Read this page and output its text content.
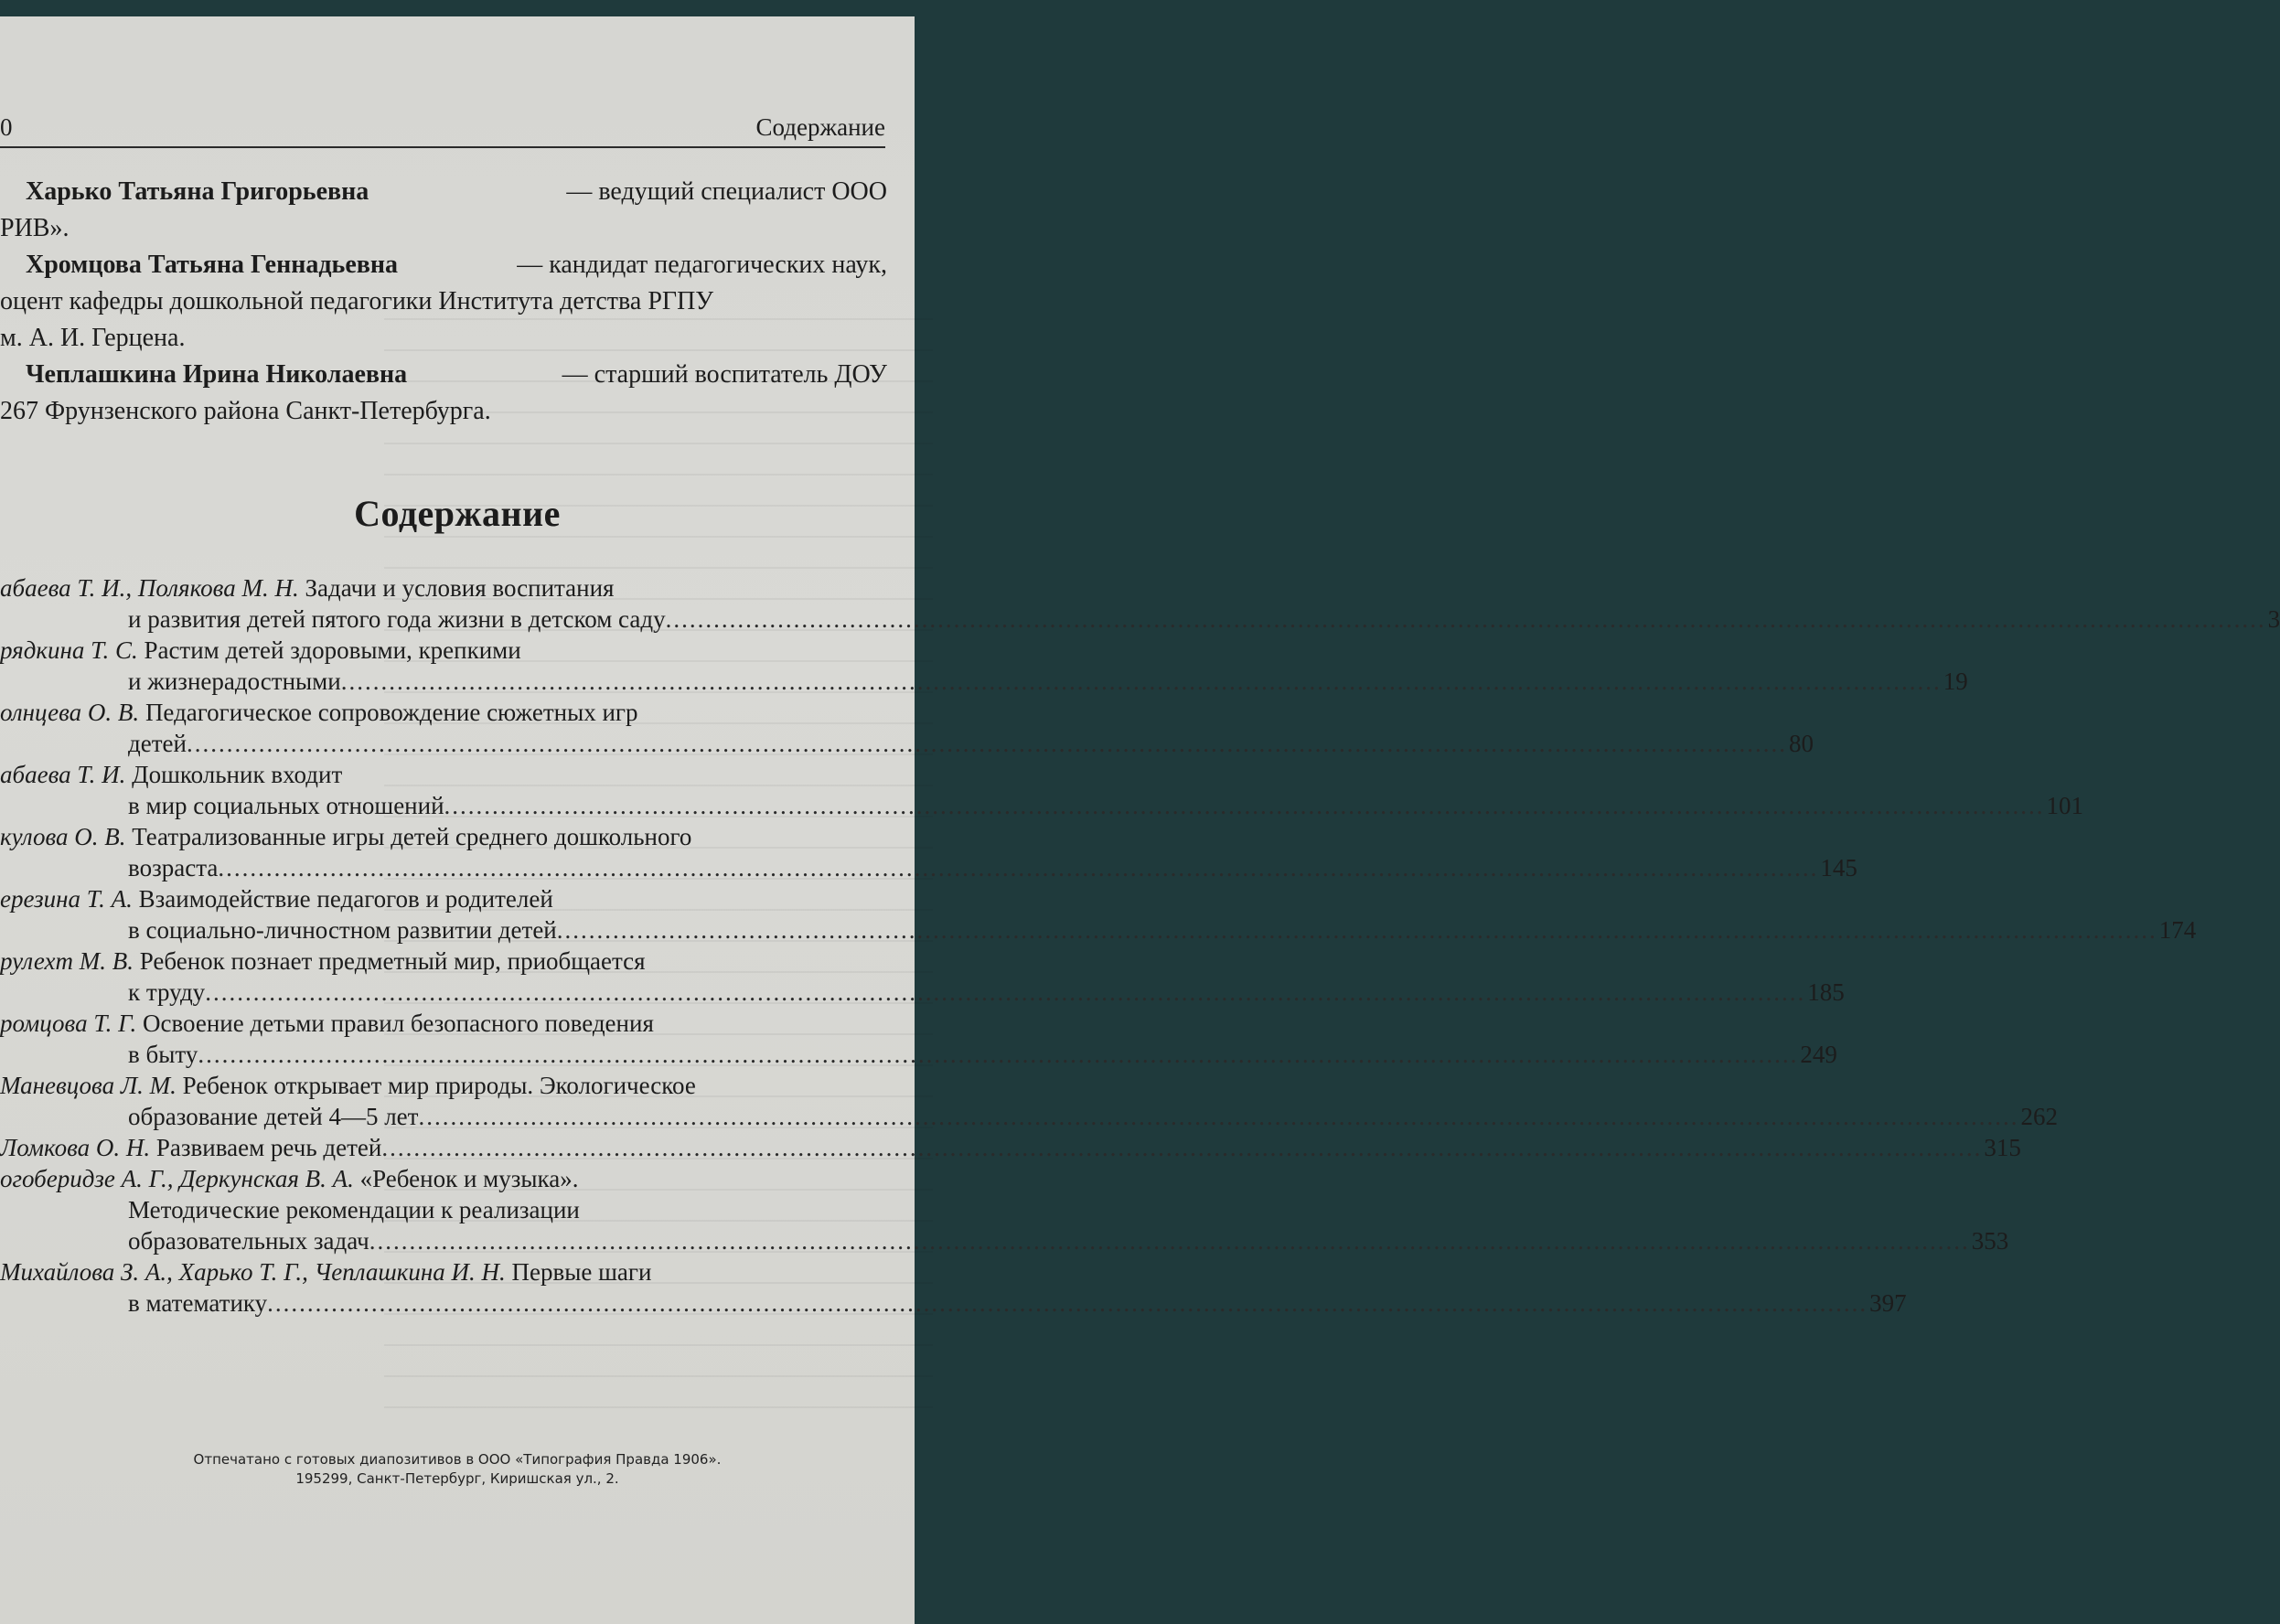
0	Содержание
Харько Татьяна Григорьевна	— ведущий специалист ООО
РИВ».
Хромцова Татьяна Геннадьевна	— кандидат педагогических наук,
оцент кафедры дошкольной педагогики Института детства РГПУ
м. А. И. Герцена.
Чеплашкина Ирина Николаевна	— старший воспитатель ДОУ
267 Фрунзенского района Санкт-Петербурга.
Содержание
абаева Т. И., Полякова М. Н. Задачи и условия воспитания
и развития детей пятого года жизни в детском саду ........................................................................................................................................................................................................ 3
рядкина Т. С. Растим детей здоровыми, крепкими
и жизнерадостными ........................................................................................................................................................................................................ 19
олнцева О. В. Педагогическое сопровождение сюжетных игр
детей ........................................................................................................................................................................................................ 80
абаева Т. И. Дошкольник входит
в мир социальных отношений ........................................................................................................................................................................................................ 101
кулова О. В. Театрализованные игры детей среднего дошкольного
возраста ........................................................................................................................................................................................................ 145
ерезина Т. А. Взаимодействие педагогов и родителей
в социально-личностном развитии детей ........................................................................................................................................................................................................ 174
рулехт М. В. Ребенок познает предметный мир, приобщается
к труду ........................................................................................................................................................................................................ 185
ромцова Т. Г. Освоение детьми правил безопасного поведения
в быту ........................................................................................................................................................................................................ 249
Маневцова Л. М. Ребенок открывает мир природы. Экологическое
образование детей 4—5 лет ........................................................................................................................................................................................................ 262
Ломкова О. Н. Развиваем речь детей ........................................................................................................................................................................................................ 315
огоберидзе А. Г., Деркунская В. А. «Ребенок и музыка».
Методические рекомендации к реализации
образовательных задач ........................................................................................................................................................................................................ 353
Михайлова З. А., Харько Т. Г., Чеплашкина И. Н. Первые шаги
в математику ........................................................................................................................................................................................................ 397
Отпечатано с готовых диапозитивов в ООО «Типография Правда 1906».
195299, Санкт-Петербург, Киришская ул., 2.
